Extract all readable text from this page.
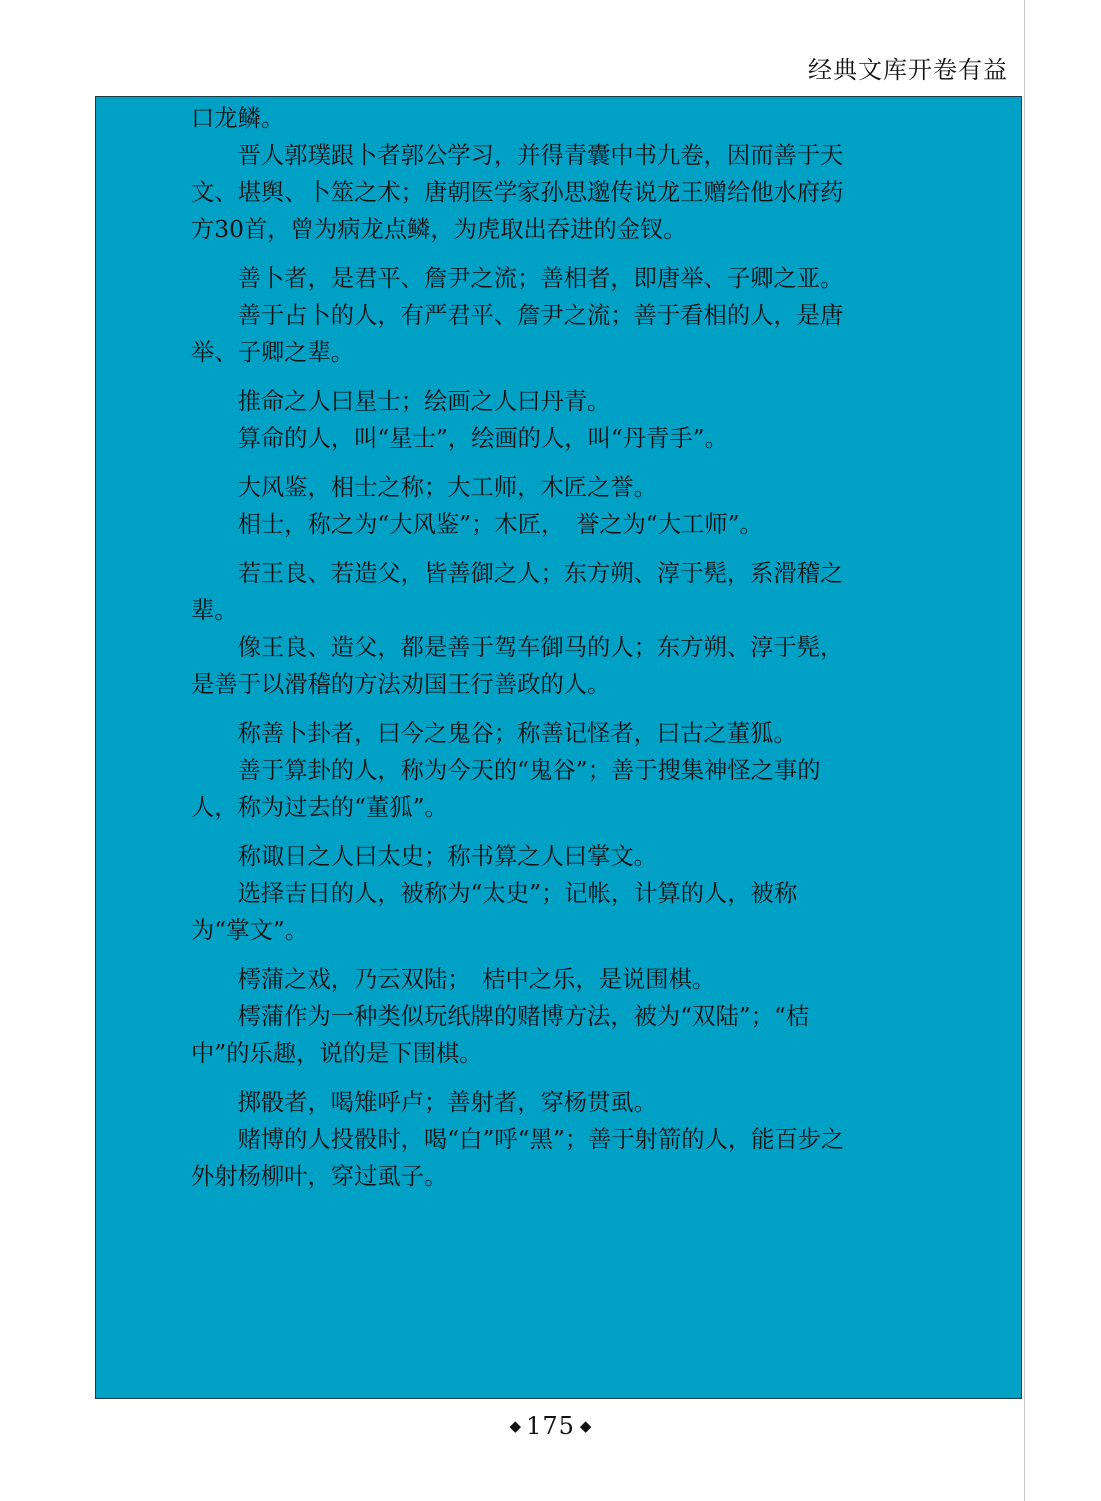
经典文库开卷有益

口龙鳞。

晋人郭璞跟卜者郭公学习，并得青囊中书九卷，因而善于天文、堪舆、卜筮之术；唐朝医学家孙思邈传说龙王赠给他水府药方30首，曾为病龙点鳞，为虎取出吞进的金钗。

善卜者，是君平、詹尹之流；善相者，即唐举、子卿之亚。

善于占卜的人，有严君平、詹尹之流；善于看相的人，是唐举、子卿之辈。

推命之人曰星士；绘画之人曰丹青。

算命的人，叫“星士”，绘画的人，叫“丹青手”。

大风鉴，相士之称；大工师，木匠之誉。

相士，称之为“大风鉴”；木匠，　誉之为“大工师”。

若王良、若造父，皆善御之人；东方朔、淳于髡，系滑稽之辈。

像王良、造父，都是善于驾车御马的人；东方朔、淳于髡，是善于以滑稽的方法劝国王行善政的人。

称善卜卦者，曰今之鬼谷；称善记怪者，曰古之董狐。

善于算卦的人，称为今天的“鬼谷”；善于搜集神怪之事的人，称为过去的“董狐”。

称诹日之人曰太史；称书算之人曰掌文。

选择吉日的人，被称为“太史”；记帐，计算的人，被称为“掌文”。

樗蒲之戏，乃云双陆；　桔中之乐，是说围棋。

樗蒲作为一种类似玩纸牌的赌博方法，被为“双陆”；“桔中”的乐趣，说的是下围棋。

掷骰者，喝雉呼卢；善射者，穿杨贯虱。

赌博的人投骰时，喝“白”呼“黑”；善于射箭的人，能百步之外射杨柳叶，穿过虱子。

◆ 175 ◆
